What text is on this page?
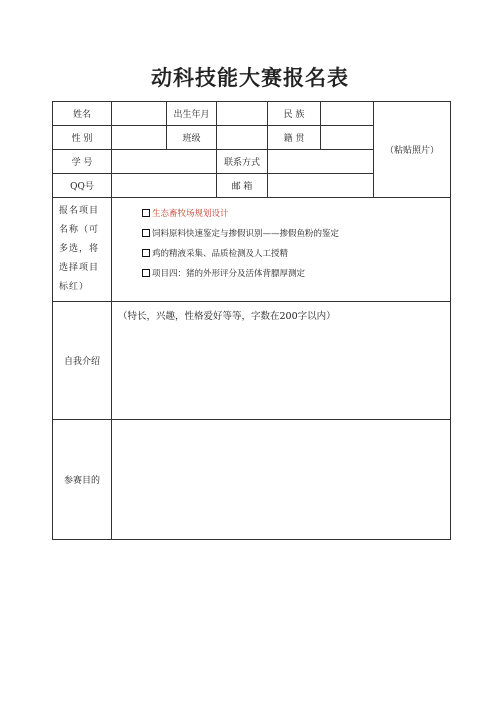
动科技能大赛报名表
姓名		出生年月		民 族		（粘贴照片）
性 别		班级		籍 贯		
学 号			联系方式			
QQ号			邮 箱			
报名项目名称（可多选，将选择项目标红）	生态畜牧场规划设计
饲料原料快速鉴定与掺假识别——掺假鱼粉的鉴定
鸡的精液采集、品质检测及人工授精
项目四：猪的外形评分及活体背膘厚测定					

自我介绍	（特长，兴趣，性格爱好等等，字数在200字以内）					
参赛目的						
